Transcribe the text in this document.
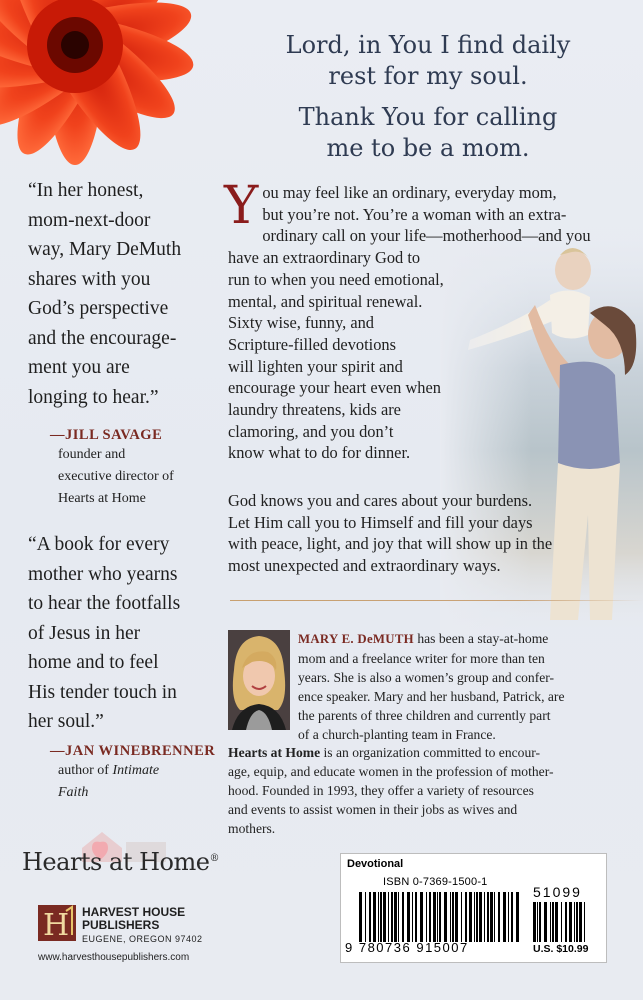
Lord, in You I find daily
rest for my soul.

Thank You for calling
me to be a mom.

“In her honest,
mom-next-door
way, Mary DeMuth
shares with you
God’s perspective
and the encourage-
ment you are
longing to hear.”
—JILL SAVAGE
founder and
executive director of
Hearts at Home
“A book for every
mother who yearns
to hear the footfalls
of Jesus in her
home and to feel
His tender touch in
her soul.”
—JAN WINEBRENNER
author of Intimate
Faith
Y ou may feel like an ordinary, everyday mom,
but you’re not. You’re a woman with an extra-
ordinary call on your life—motherhood—and you
have an extraordinary God to
run to when you need emotional,
mental, and spiritual renewal.
Sixty wise, funny, and
Scripture-filled devotions
will lighten your spirit and
encourage your heart even when
laundry threatens, kids are
clamoring, and you don’t
know what to do for dinner.
God knows you and cares about your burdens.
Let Him call you to Himself and fill your days
with peace, light, and joy that will show up in the
most unexpected and extraordinary ways.
MARY E. DeMUTH has been a stay-at-home
mom and a freelance writer for more than ten
years. She is also a women’s group and confer-
ence speaker. Mary and her husband, Patrick, are
the parents of three children and currently part
of a church-planting team in France.
Hearts at Home is an organization committed to encour-
age, equip, and educate women in the profession of mother-
hood. Founded in 1993, they offer a variety of resources
and events to assist women in their jobs as wives and
mothers.
Hearts at Home®
H HARVEST HOUSE
PUBLISHERS
EUGENE, OREGON 97402
www.harvesthousepublishers.com
Devotional
ISBN 0-7369-1500-1
51099
9 780736 915007	U.S. $10.99
